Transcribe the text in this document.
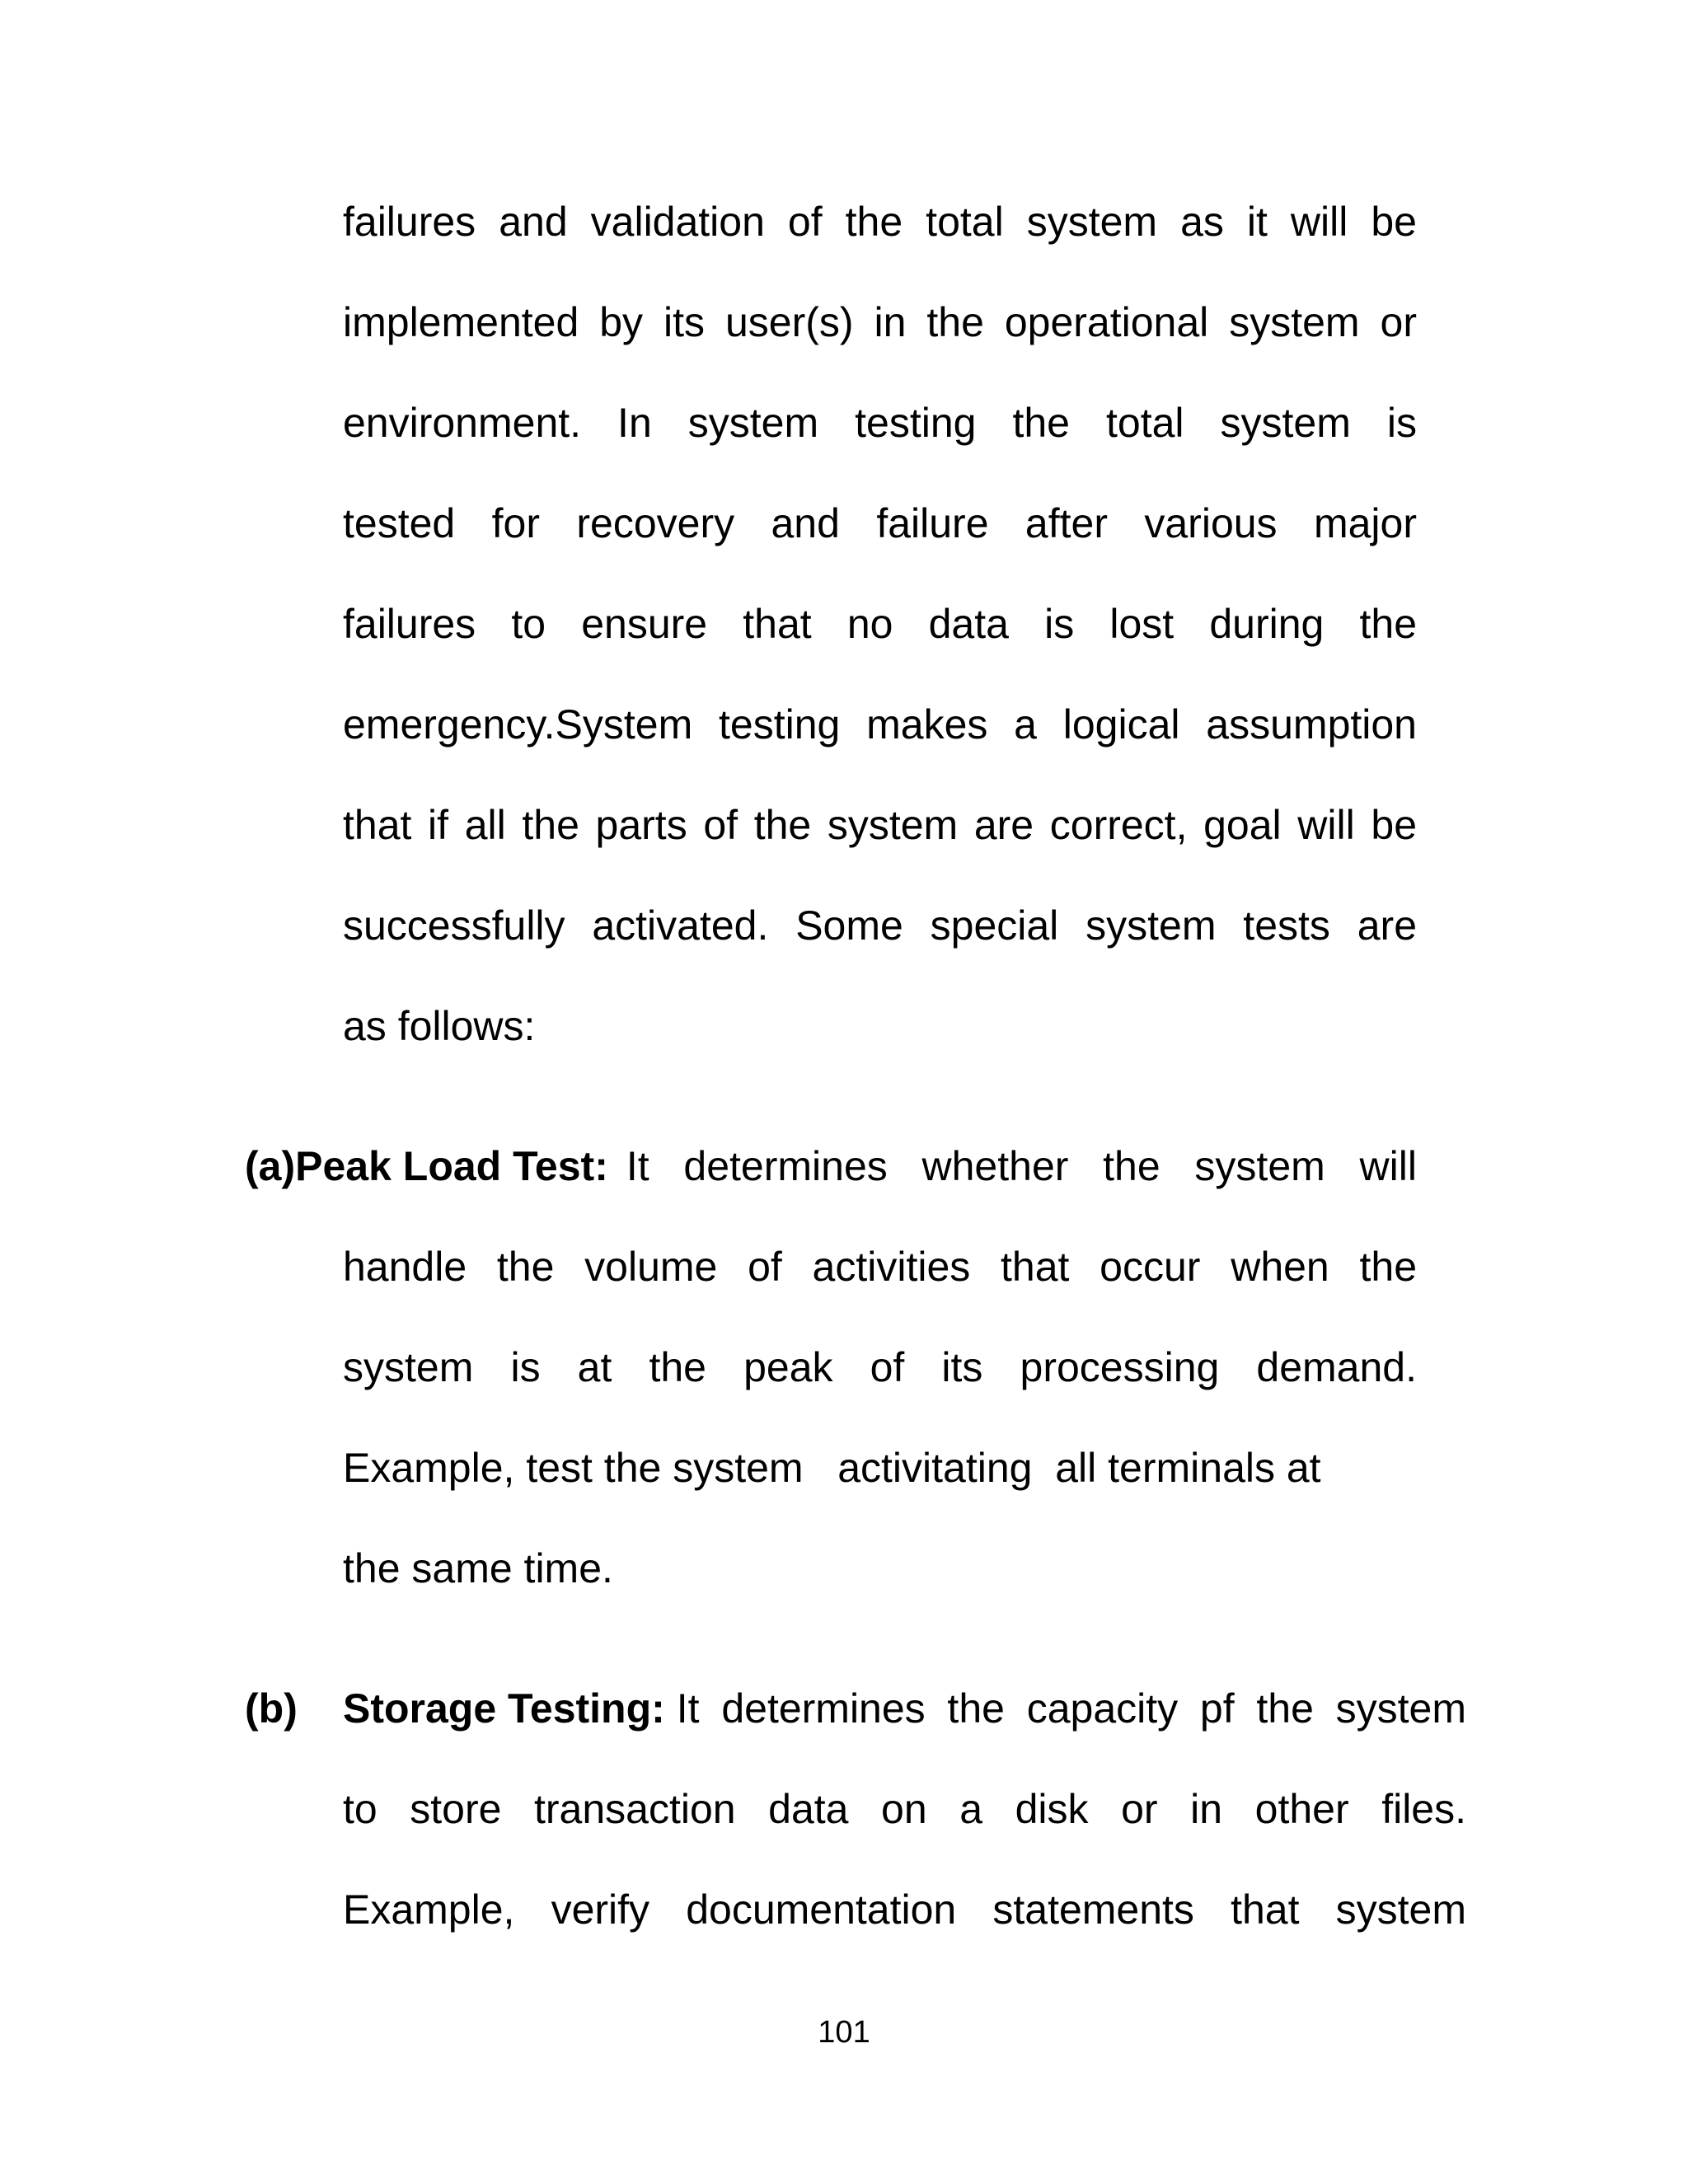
failures and validation of the total system as it will be

implemented by its user(s) in the operational system or

environment. In system testing the total system is

tested for recovery and failure after various major

failures to ensure that no data is lost during the

emergency.System testing makes a logical assumption

that if all the parts of the system are correct, goal will be

successfully activated. Some special system tests are

as follows:

(a) Peak Load Test: It determines whether the system will

handle the volume of activities that occur when the

system is at the peak of its processing demand.

Example, test the system   activitating  all terminals at

the same time.

(b) Storage Testing: It determines the capacity pf the system

to store transaction data on a disk or in other files.

Example, verify documentation statements that system

101
